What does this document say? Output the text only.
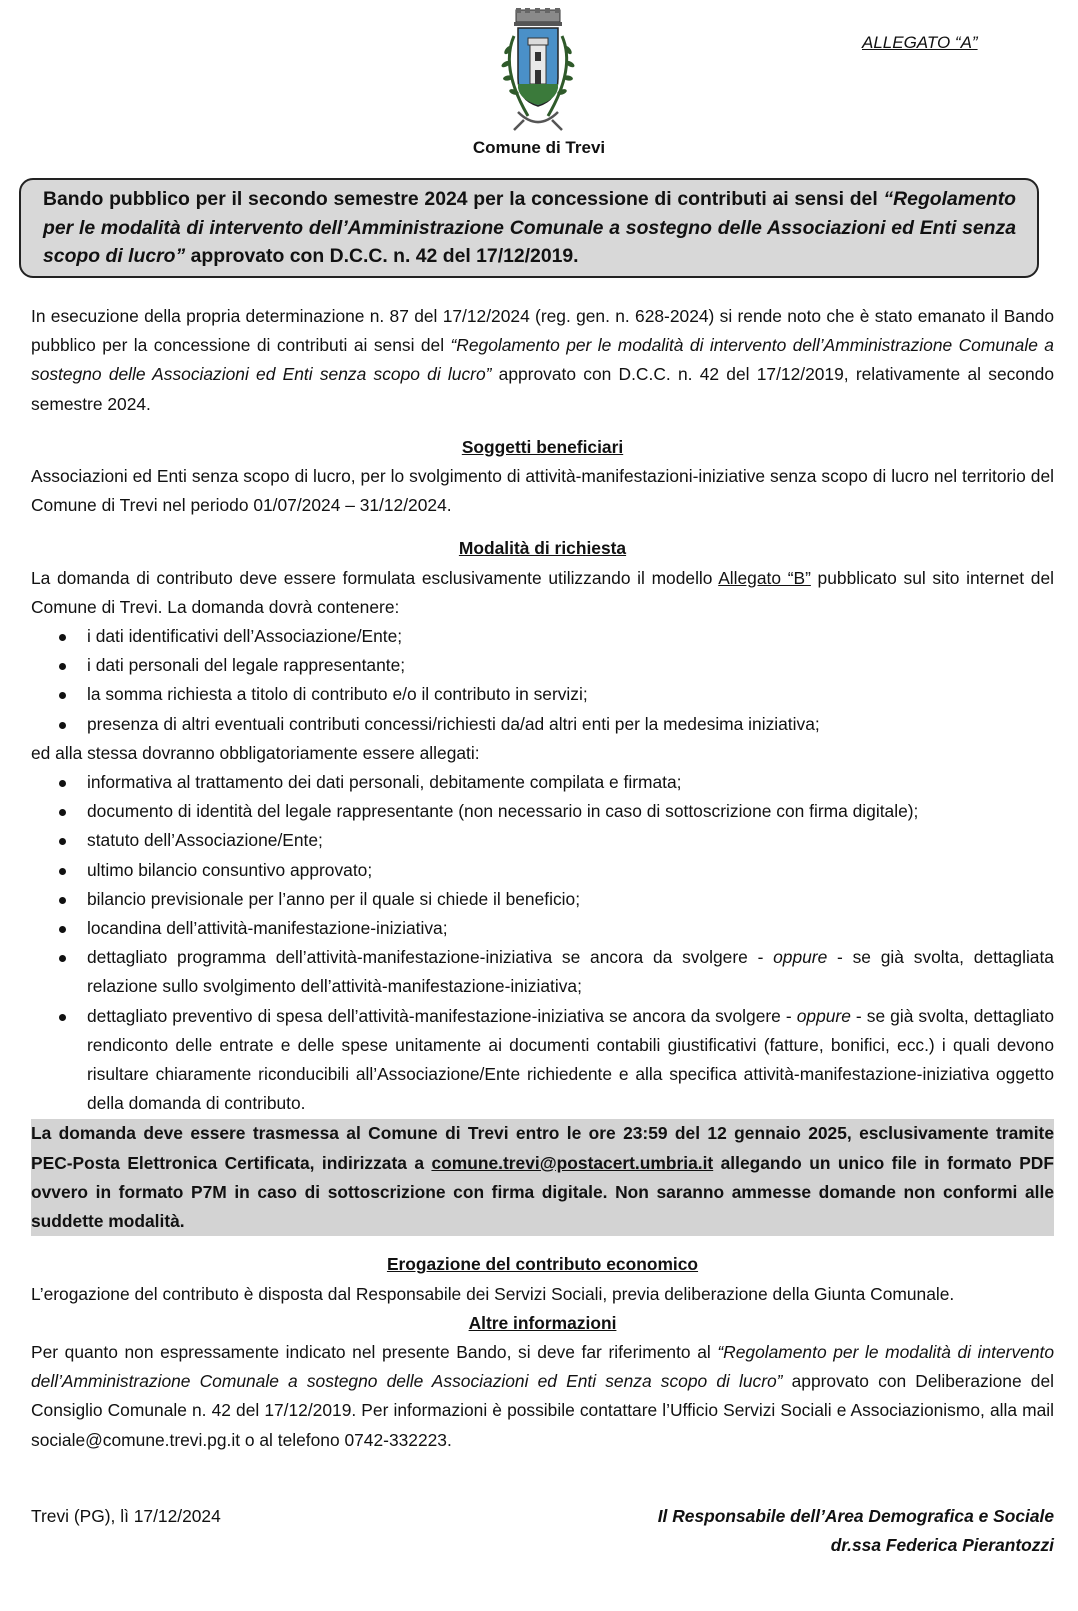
ALLEGATO “A”
Comune di Trevi
Bando pubblico per il secondo semestre 2024 per la concessione di contributi ai sensi del “Regolamento per le modalità di intervento dell’Amministrazione Comunale a sostegno delle Associazioni ed Enti senza scopo di lucro” approvato con D.C.C. n. 42 del 17/12/2019.

In esecuzione della propria determinazione n. 87 del 17/12/2024 (reg. gen. n. 628-2024) si rende noto che è stato emanato il Bando pubblico per la concessione di contributi ai sensi del “Regolamento per le modalità di intervento dell’Amministrazione Comunale a sostegno delle Associazioni ed Enti senza scopo di lucro” approvato con D.C.C. n. 42 del 17/12/2019, relativamente al secondo semestre 2024.

Soggetti beneficiari

Associazioni ed Enti senza scopo di lucro, per lo svolgimento di attività-manifestazioni-iniziative senza scopo di lucro nel territorio del Comune di Trevi nel periodo 01/07/2024 – 31/12/2024.

Modalità di richiesta

La domanda di contributo deve essere formulata esclusivamente utilizzando il modello Allegato “B” pubblicato sul sito internet del Comune di Trevi. La domanda dovrà contenere:

i dati identificativi dell’Associazione/Ente;
i dati personali del legale rappresentante;
la somma richiesta a titolo di contributo e/o il contributo in servizi;
presenza di altri eventuali contributi concessi/richiesti da/ad altri enti per la medesima iniziativa;

ed alla stessa dovranno obbligatoriamente essere allegati:

informativa al trattamento dei dati personali, debitamente compilata e firmata;
documento di identità del legale rappresentante (non necessario in caso di sottoscrizione con firma digitale);
statuto dell’Associazione/Ente;
ultimo bilancio consuntivo approvato;
bilancio previsionale per l’anno per il quale si chiede il beneficio;
locandina dell’attività-manifestazione-iniziativa;
dettagliato programma dell’attività-manifestazione-iniziativa se ancora da svolgere - oppure - se già svolta, dettagliata relazione sullo svolgimento dell’attività-manifestazione-iniziativa;
dettagliato preventivo di spesa dell’attività-manifestazione-iniziativa se ancora da svolgere - oppure - se già svolta, dettagliato rendiconto delle entrate e delle spese unitamente ai documenti contabili giustificativi (fatture, bonifici, ecc.) i quali devono risultare chiaramente riconducibili all’Associazione/Ente richiedente e alla specifica attività-manifestazione-iniziativa oggetto della domanda di contributo.

La domanda deve essere trasmessa al Comune di Trevi entro le ore 23:59 del 12 gennaio 2025, esclusivamente tramite PEC-Posta Elettronica Certificata, indirizzata a comune.trevi@postacert.umbria.it allegando un unico file in formato PDF ovvero in formato P7M in caso di sottoscrizione con firma digitale. Non saranno ammesse domande non conformi alle suddette modalità.

Erogazione del contributo economico

L’erogazione del contributo è disposta dal Responsabile dei Servizi Sociali, previa deliberazione della Giunta Comunale.

Altre informazioni

Per quanto non espressamente indicato nel presente Bando, si deve far riferimento al “Regolamento per le modalità di intervento dell’Amministrazione Comunale a sostegno delle Associazioni ed Enti senza scopo di lucro” approvato con Deliberazione del Consiglio Comunale n. 42 del 17/12/2019. Per informazioni è possibile contattare l’Ufficio Servizi Sociali e Associazionismo, alla mail sociale@comune.trevi.pg.it o al telefono 0742-332223.

Trevi (PG), lì 17/12/2024	Il Responsabile dell’Area Demografica e Sociale
dr.ssa Federica Pierantozzi
